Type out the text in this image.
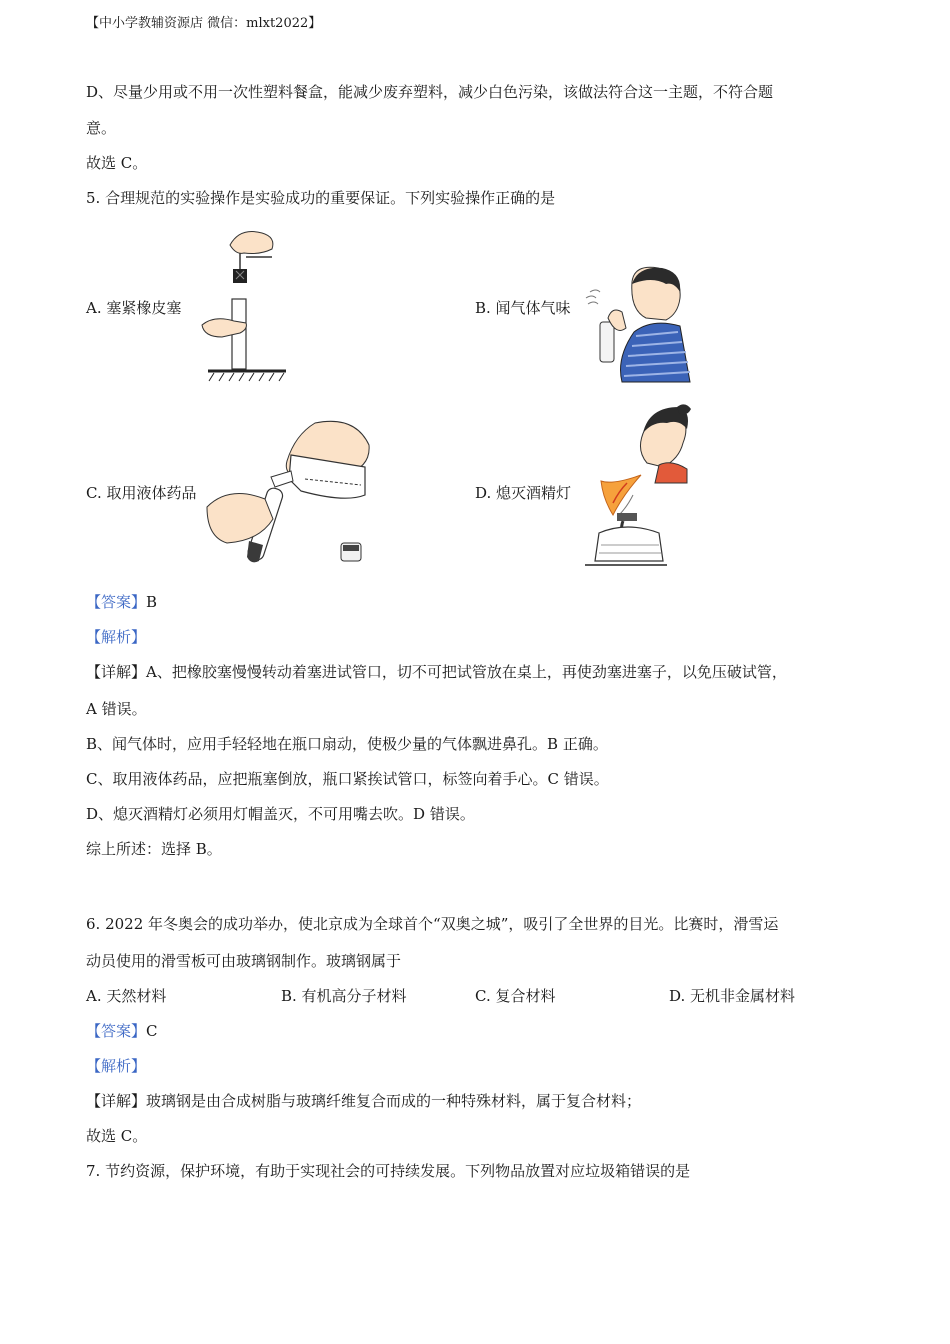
【中小学教辅资源店 微信：mlxt2022】
D、尽量少用或不用一次性塑料餐盒，能减少废弃塑料，减少白色污染，该做法符合这一主题，不符合题
意。
故选 C。
5. 合理规范的实验操作是实验成功的重要保证。下列实验操作正确的是
A. 塞紧橡皮塞	B. 闻气体气味
C. 取用液体药品	D. 熄灭酒精灯
【答案】B
【解析】
【详解】A、把橡胶塞慢慢转动着塞进试管口，切不可把试管放在桌上，再使劲塞进塞子，以免压破试管，
A 错误。
B、闻气体时，应用手轻轻地在瓶口扇动，使极少量的气体飘进鼻孔。B 正确。
C、取用液体药品，应把瓶塞倒放，瓶口紧挨试管口，标签向着手心。C 错误。
D、熄灭酒精灯必须用灯帽盖灭，不可用嘴去吹。D 错误。
综上所述：选择 B。
6. 2022 年冬奥会的成功举办，使北京成为全球首个“双奥之城”，吸引了全世界的目光。比赛时，滑雪运
动员使用的滑雪板可由玻璃钢制作。玻璃钢属于
A. 天然材料	B. 有机高分子材料	C. 复合材料	D. 无机非金属材料
【答案】C
【解析】
【详解】玻璃钢是由合成树脂与玻璃纤维复合而成的一种特殊材料，属于复合材料；
故选 C。
7. 节约资源，保护环境，有助于实现社会的可持续发展。下列物品放置对应垃圾箱错误的是
